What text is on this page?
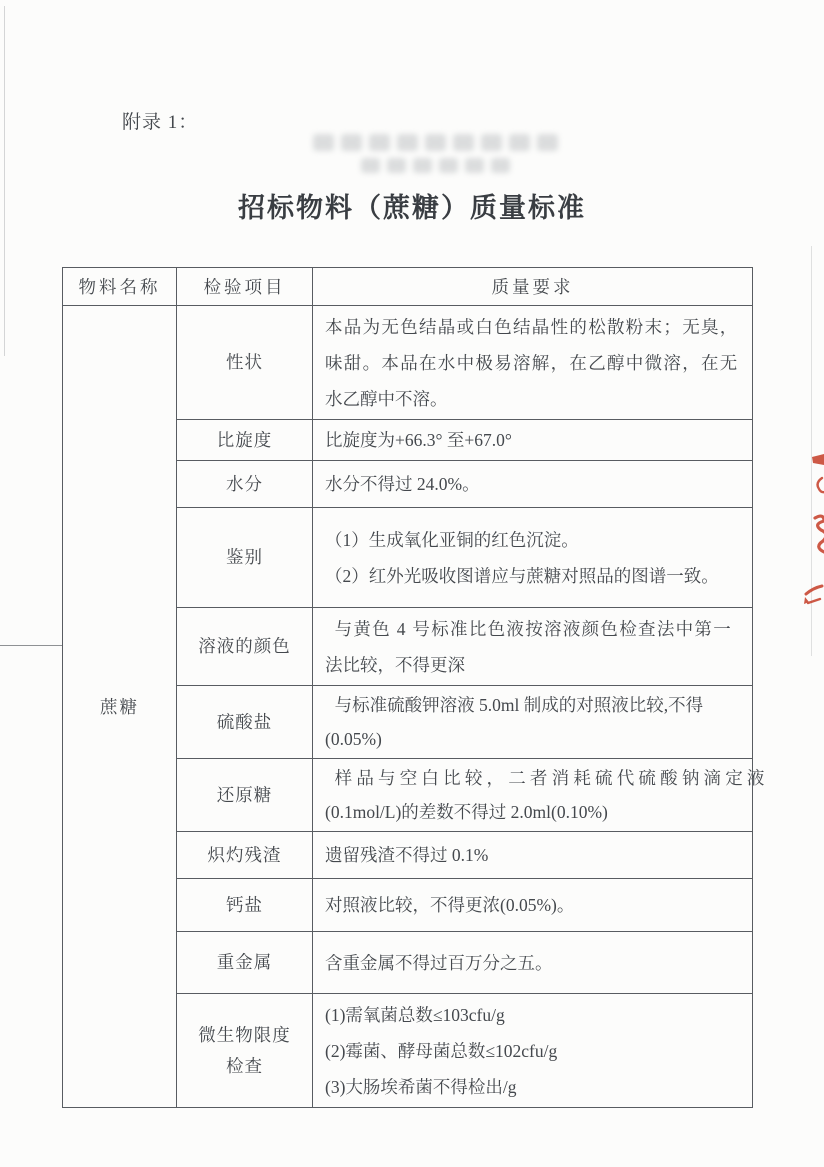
附录 1：
招标物料（蔗糖）质量标准
物料名称	检验项目	质量要求
蔗糖	性状	本品为无色结晶或白色结晶性的松散粉末；无臭，
味甜。本品在水中极易溶解，在乙醇中微溶，在无
水乙醇中不溶。

	比旋度	比旋度为+66.3° 至+67.0°

	水分	水分不得过 24.0%。

	鉴别	（1）生成氧化亚铜的红色沉淀。
（2）红外光吸收图谱应与蔗糖对照品的图谱一致。

	溶液的颜色	与黄色 4 号标准比色液按溶液颜色检查法中第一
法比较，不得更深

	硫酸盐	与标准硫酸钾溶液 5.0ml 制成的对照液比较,不得
(0.05%)

	还原糖	样品与空白比较，二者消耗硫代硫酸钠滴定液
(0.1mol/L)的差数不得过 2.0ml(0.10%)

	炽灼残渣	遗留残渣不得过 0.1%

	钙盐	对照液比较，不得更浓(0.05%)。

	重金属	含重金属不得过百万分之五。

	微生物限度检查	(1)需氧菌总数≤103cfu/g
(2)霉菌、酵母菌总数≤102cfu/g
(3)大肠埃希菌不得检出/g
